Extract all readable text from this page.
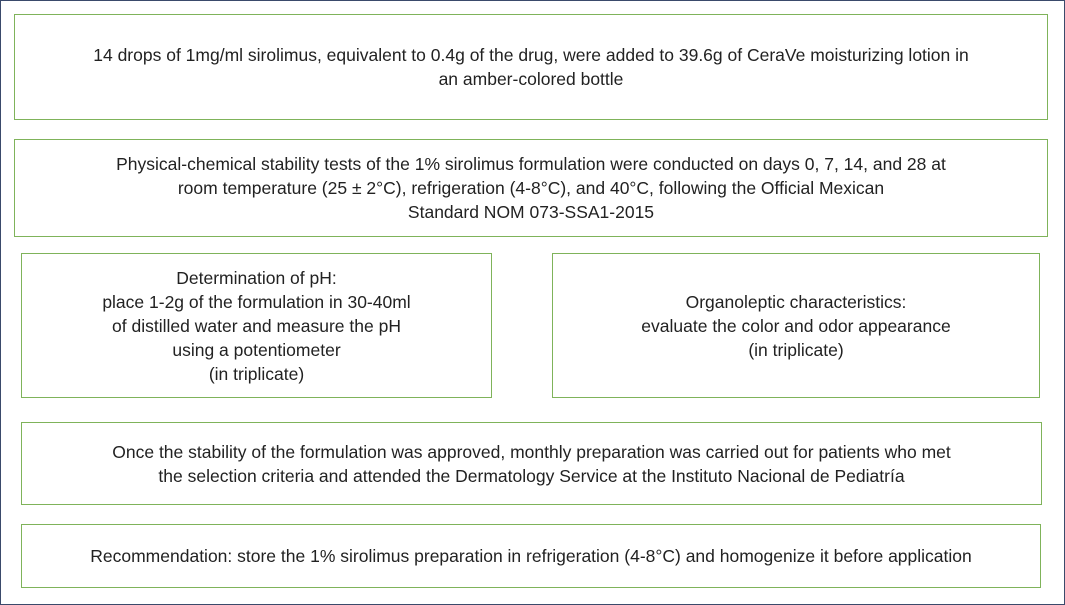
14 drops of 1mg/ml sirolimus, equivalent to 0.4g of the drug, were added to 39.6g of CeraVe moisturizing lotion in
an amber-colored bottle
Physical-chemical stability tests of the 1% sirolimus formulation were conducted on days 0, 7, 14, and 28 at
room temperature (25 ± 2°C), refrigeration (4-8°C), and 40°C, following the Official Mexican
Standard NOM 073-SSA1-2015
Determination of pH:
place 1-2g of the formulation in 30-40ml
of distilled water and measure the pH
using a potentiometer
(in triplicate)
Organoleptic characteristics:
evaluate the color and odor appearance
(in triplicate)
Once the stability of the formulation was approved, monthly preparation was carried out for patients who met
the selection criteria and attended the Dermatology Service at the Instituto Nacional de Pediatría
Recommendation: store the 1% sirolimus preparation in refrigeration (4-8°C) and homogenize it before application
